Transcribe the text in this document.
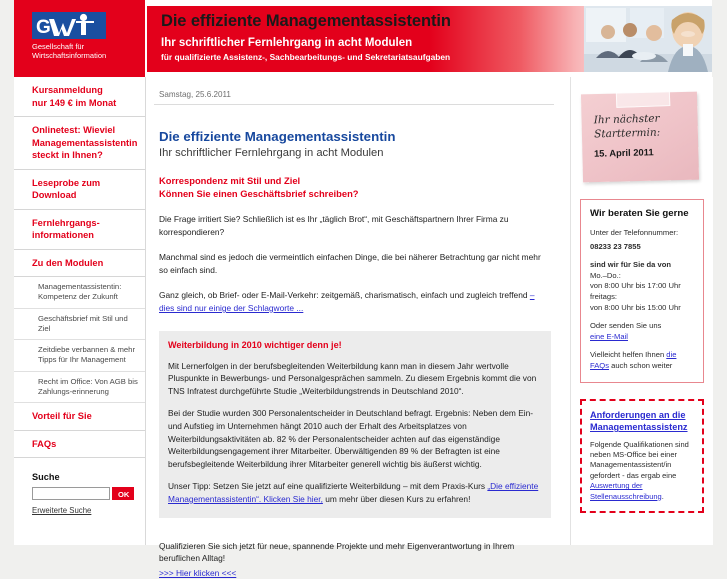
G
Gesellschaft für
Wirtschaftsinformation
Die effiziente Managementassistentin
Ihr schriftlicher Fernlehrgang in acht Modulen
für qualifizierte Assistenz-, Sachbearbeitungs- und Sekretariatsaufgaben
Kursanmeldung
nur 149 € im Monat
Onlinetest: Wieviel Managementassistentin steckt in Ihnen?
Leseprobe zum Download
Fernlehrgangs-
informationen
Zu den Modulen
Managementassistentin: Kompetenz der Zukunft
Geschäftsbrief mit Stil und Ziel
Zeitdiebe verbannen & mehr Tipps für Ihr Management
Recht im Office: Von AGB bis Zahlungs-erinnerung
Vorteil für Sie
FAQs
Suche
OK
Erweiterte Suche
Samstag, 25.6.2011
Die effiziente Managementassistentin
Ihr schriftlicher Fernlehrgang in acht Modulen
Korrespondenz mit Stil und Ziel
Können Sie einen Geschäftsbrief schreiben?

Die Frage irritiert Sie? Schließlich ist es Ihr „täglich Brot“, mit Geschäftspartnern Ihrer Firma zu korrespondieren?

Manchmal sind es jedoch die vermeintlich einfachen Dinge, die bei näherer Betrachtung gar nicht mehr so einfach sind.

Ganz gleich, ob Brief- oder E-Mail-Verkehr: zeitgemäß, charismatisch, einfach und zugleich treffend – dies sind nur einige der Schlagworte ...

Weiterbildung in 2010 wichtiger denn je!

Mit Lernerfolgen in der berufsbegleitenden Weiterbildung kann man in diesem Jahr wertvolle Pluspunkte in Bewerbungs- und Personalgesprächen sammeln. Zu diesem Ergebnis kommt die von TNS Infratest durchgeführte Studie „Weiterbildungstrends in Deutschland 2010“.

Bei der Studie wurden 300 Personalentscheider in Deutschland befragt. Ergebnis: Neben dem Ein- und Aufstieg im Unternehmen hängt 2010 auch der Erhalt des Arbeitsplatzes von Weiterbildungsaktivitäten ab. 82 % der Personalentscheider achten auf das eigenständige Weiterbildungsengagement ihrer Mitarbeiter. Überwältigenden 89 % der Befragten ist eine berufsbegleitende Weiterbildung ihrer Mitarbeiter generell wichtig bis äußerst wichtig.

Unser Tipp: Setzen Sie jetzt auf eine qualifizierte Weiterbildung – mit dem Praxis-Kurs „Die effiziente Managementassistentin“. Klicken Sie hier, um mehr über diesen Kurs zu erfahren!

Qualifizieren Sie sich jetzt für neue, spannende Projekte und mehr Eigenverantwortung in Ihrem beruflichen Alltag!
>>> Hier klicken <<<

Ihr nächster
Starttermin:
15. April 2011
Wir beraten Sie gerne

Unter der Telefonnummer:

08233 23 7855

sind wir für Sie da von
Mo.–Do.:
von 8:00 Uhr bis 17:00 Uhr
freitags:
von 8:00 Uhr bis 15:00 Uhr

Oder senden Sie uns
eine E-Mail

Vielleicht helfen Ihnen die FAQs auch schon weiter

Anforderungen an die
Managementassistenz

Folgende Qualifikationen sind neben MS-Office bei einer Managementassistent/in gefordert - das ergab eine Auswertung der Stellenausschreibung.
